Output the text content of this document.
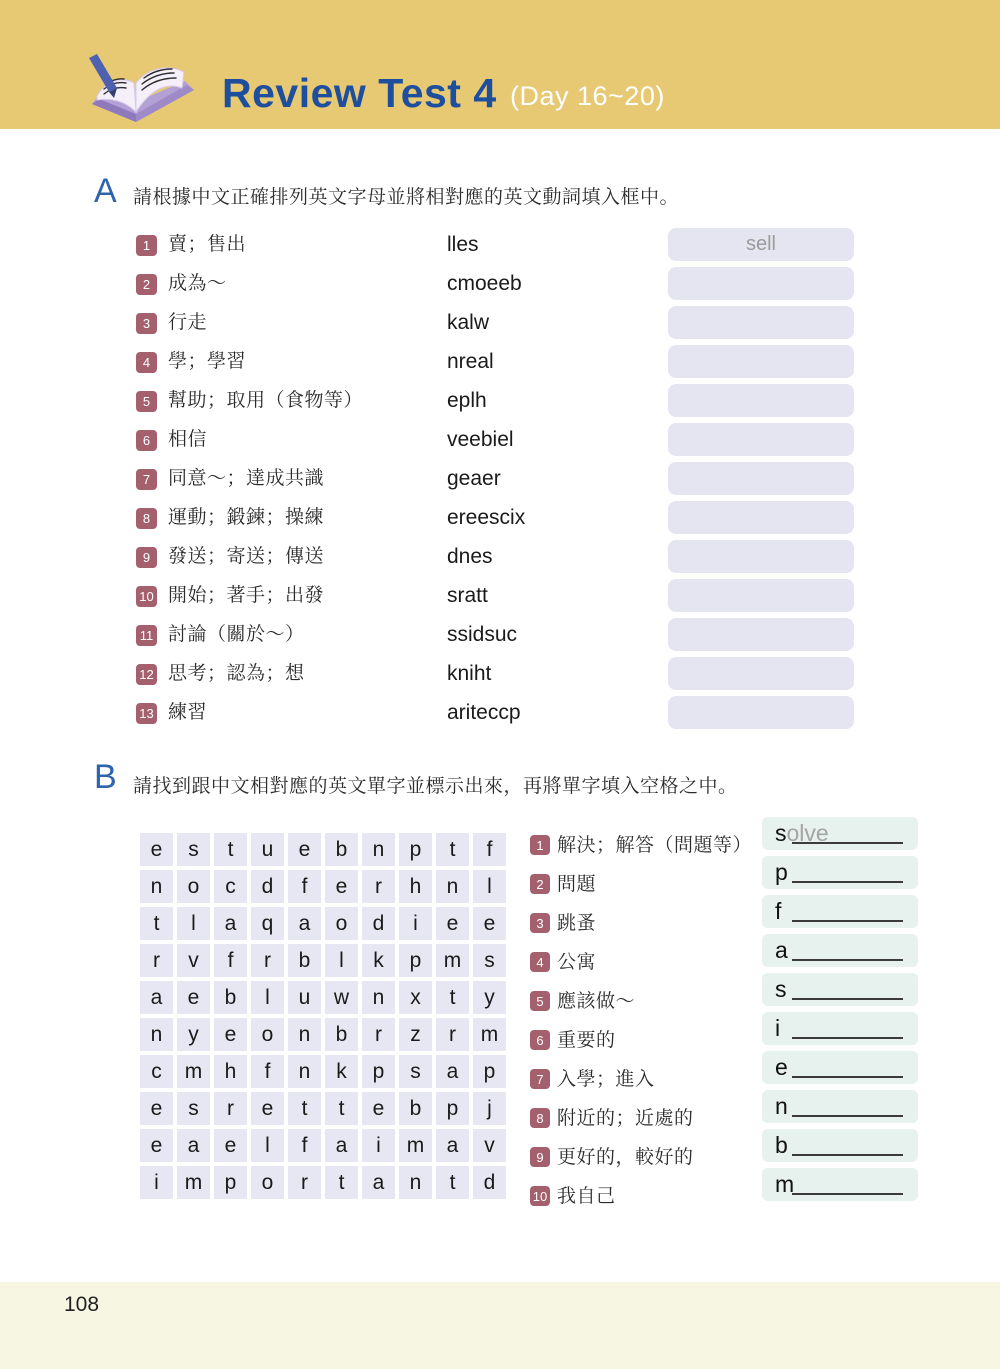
Review Test 4 (Day 16~20)
A 請根據中文正確排列英文字母並將相對應的英文動詞填入框中。
1 賣；售出	lles	sell
2 成為～	cmoeeb
3 行走	kalw
4 學；學習	nreal
5 幫助；取用（食物等）	eplh
6 相信	veebiel
7 同意～；達成共識	geaer
8 運動；鍛鍊；操練	ereescix
9 發送；寄送；傳送	dnes
10 開始；著手；出發	sratt
11 討論（關於～）	ssidsuc
12 思考；認為；想	kniht
13 練習	ariteccp
B 請找到跟中文相對應的英文單字並標示出來，再將單字填入空格之中。
e	s	t	u	e	b	n	p	t	f
n	o	c	d	f	e	r	h	n	l
t	l	a	q	a	o	d	i	e	e
r	v	f	r	b	l	k	p	m	s
a	e	b	l	u	w	n	x	t	y
n	y	e	o	n	b	r	z	r	m
c	m	h	f	n	k	p	s	a	p
e	s	r	e	t	t	e	b	p	j
e	a	e	l	f	a	i	m	a	v
i	m	p	o	r	t	a	n	t	d
1 解決；解答（問題等）
2 問題
3 跳蚤
4 公寓
5 應該做～
6 重要的
7 入學；進入
8 附近的；近處的
9 更好的，較好的
10 我自己
solve
p
f
a
s
i
e
n
b
m
108
